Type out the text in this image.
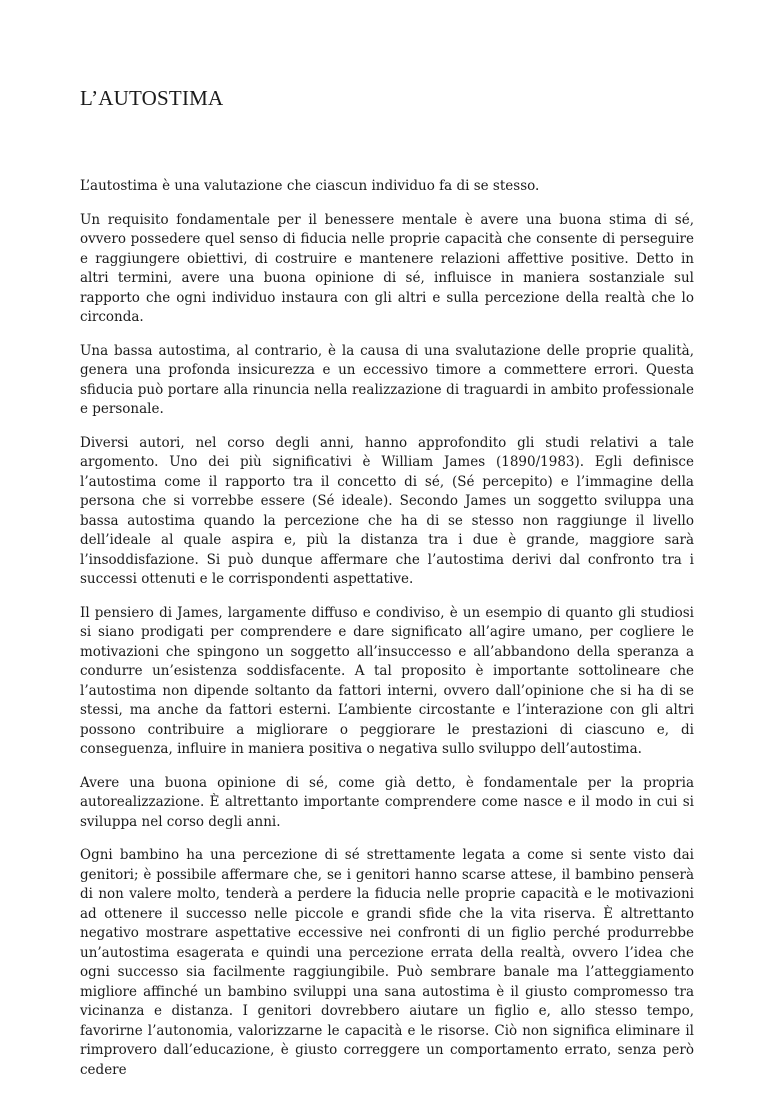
L’AUTOSTIMA

L’autostima è una valutazione che ciascun individuo fa di se stesso.

Un requisito fondamentale per il benessere mentale è avere una buona stima di sé, ovvero possedere quel senso di fiducia nelle proprie capacità che consente di perseguire e raggiungere obiettivi, di costruire e mantenere relazioni affettive positive. Detto in altri termini, avere una buona opinione di sé, influisce in maniera sostanziale sul rapporto che ogni individuo instaura con gli altri e sulla percezione della realtà che lo circonda.

Una bassa autostima, al contrario, è la causa di una svalutazione delle proprie qualità, genera una profonda insicurezza e un eccessivo timore a commettere errori. Questa sfiducia può portare alla rinuncia nella realizzazione di traguardi in ambito professionale e personale.

Diversi autori, nel corso degli anni, hanno approfondito gli studi relativi a tale argomento. Uno dei più significativi è William James (1890/1983). Egli definisce l’autostima come il rapporto tra il concetto di sé, (Sé percepito) e l’immagine della persona che si vorrebbe essere (Sé ideale). Secondo James un soggetto sviluppa una bassa autostima quando la percezione che ha di se stesso non raggiunge il livello dell’ideale al quale aspira e, più la distanza tra i due è grande, maggiore sarà l’insoddisfazione. Si può dunque affermare che l’autostima derivi dal confronto tra i successi ottenuti e le corrispondenti aspettative.

Il pensiero di James, largamente diffuso e condiviso, è un esempio di quanto gli studiosi si siano prodigati per comprendere e dare significato all’agire umano, per cogliere le motivazioni che spingono un soggetto all’insuccesso e all’abbandono della speranza a condurre un’esistenza soddisfacente. A tal proposito è importante sottolineare che l’autostima non dipende soltanto da fattori interni, ovvero dall’opinione che si ha di se stessi, ma anche da fattori esterni. L’ambiente circostante e l’interazione con gli altri possono contribuire a migliorare o peggiorare le prestazioni di ciascuno e, di conseguenza, influire in maniera positiva o negativa sullo sviluppo dell’autostima.

Avere una buona opinione di sé, come già detto, è fondamentale per la propria autorealizzazione. È altrettanto importante comprendere come nasce e il modo in cui si sviluppa nel corso degli anni.

Ogni bambino ha una percezione di sé strettamente legata a come si sente visto dai genitori; è possibile affermare che, se i genitori hanno scarse attese, il bambino penserà di non valere molto, tenderà a perdere la fiducia nelle proprie capacità e le motivazioni ad ottenere il successo nelle piccole e grandi sfide che la vita riserva. È altrettanto negativo mostrare aspettative eccessive nei confronti di un figlio perché produrrebbe un’autostima esagerata e quindi una percezione errata della realtà, ovvero l’idea che ogni successo sia facilmente raggiungibile. Può sembrare banale ma l’atteggiamento migliore affinché un bambino sviluppi una sana autostima è il giusto compromesso tra vicinanza e distanza. I genitori dovrebbero aiutare un figlio e, allo stesso tempo, favorirne l’autonomia, valorizzarne le capacità e le risorse. Ciò non significa eliminare il rimprovero dall’educazione, è giusto correggere un comportamento errato, senza però cedere
